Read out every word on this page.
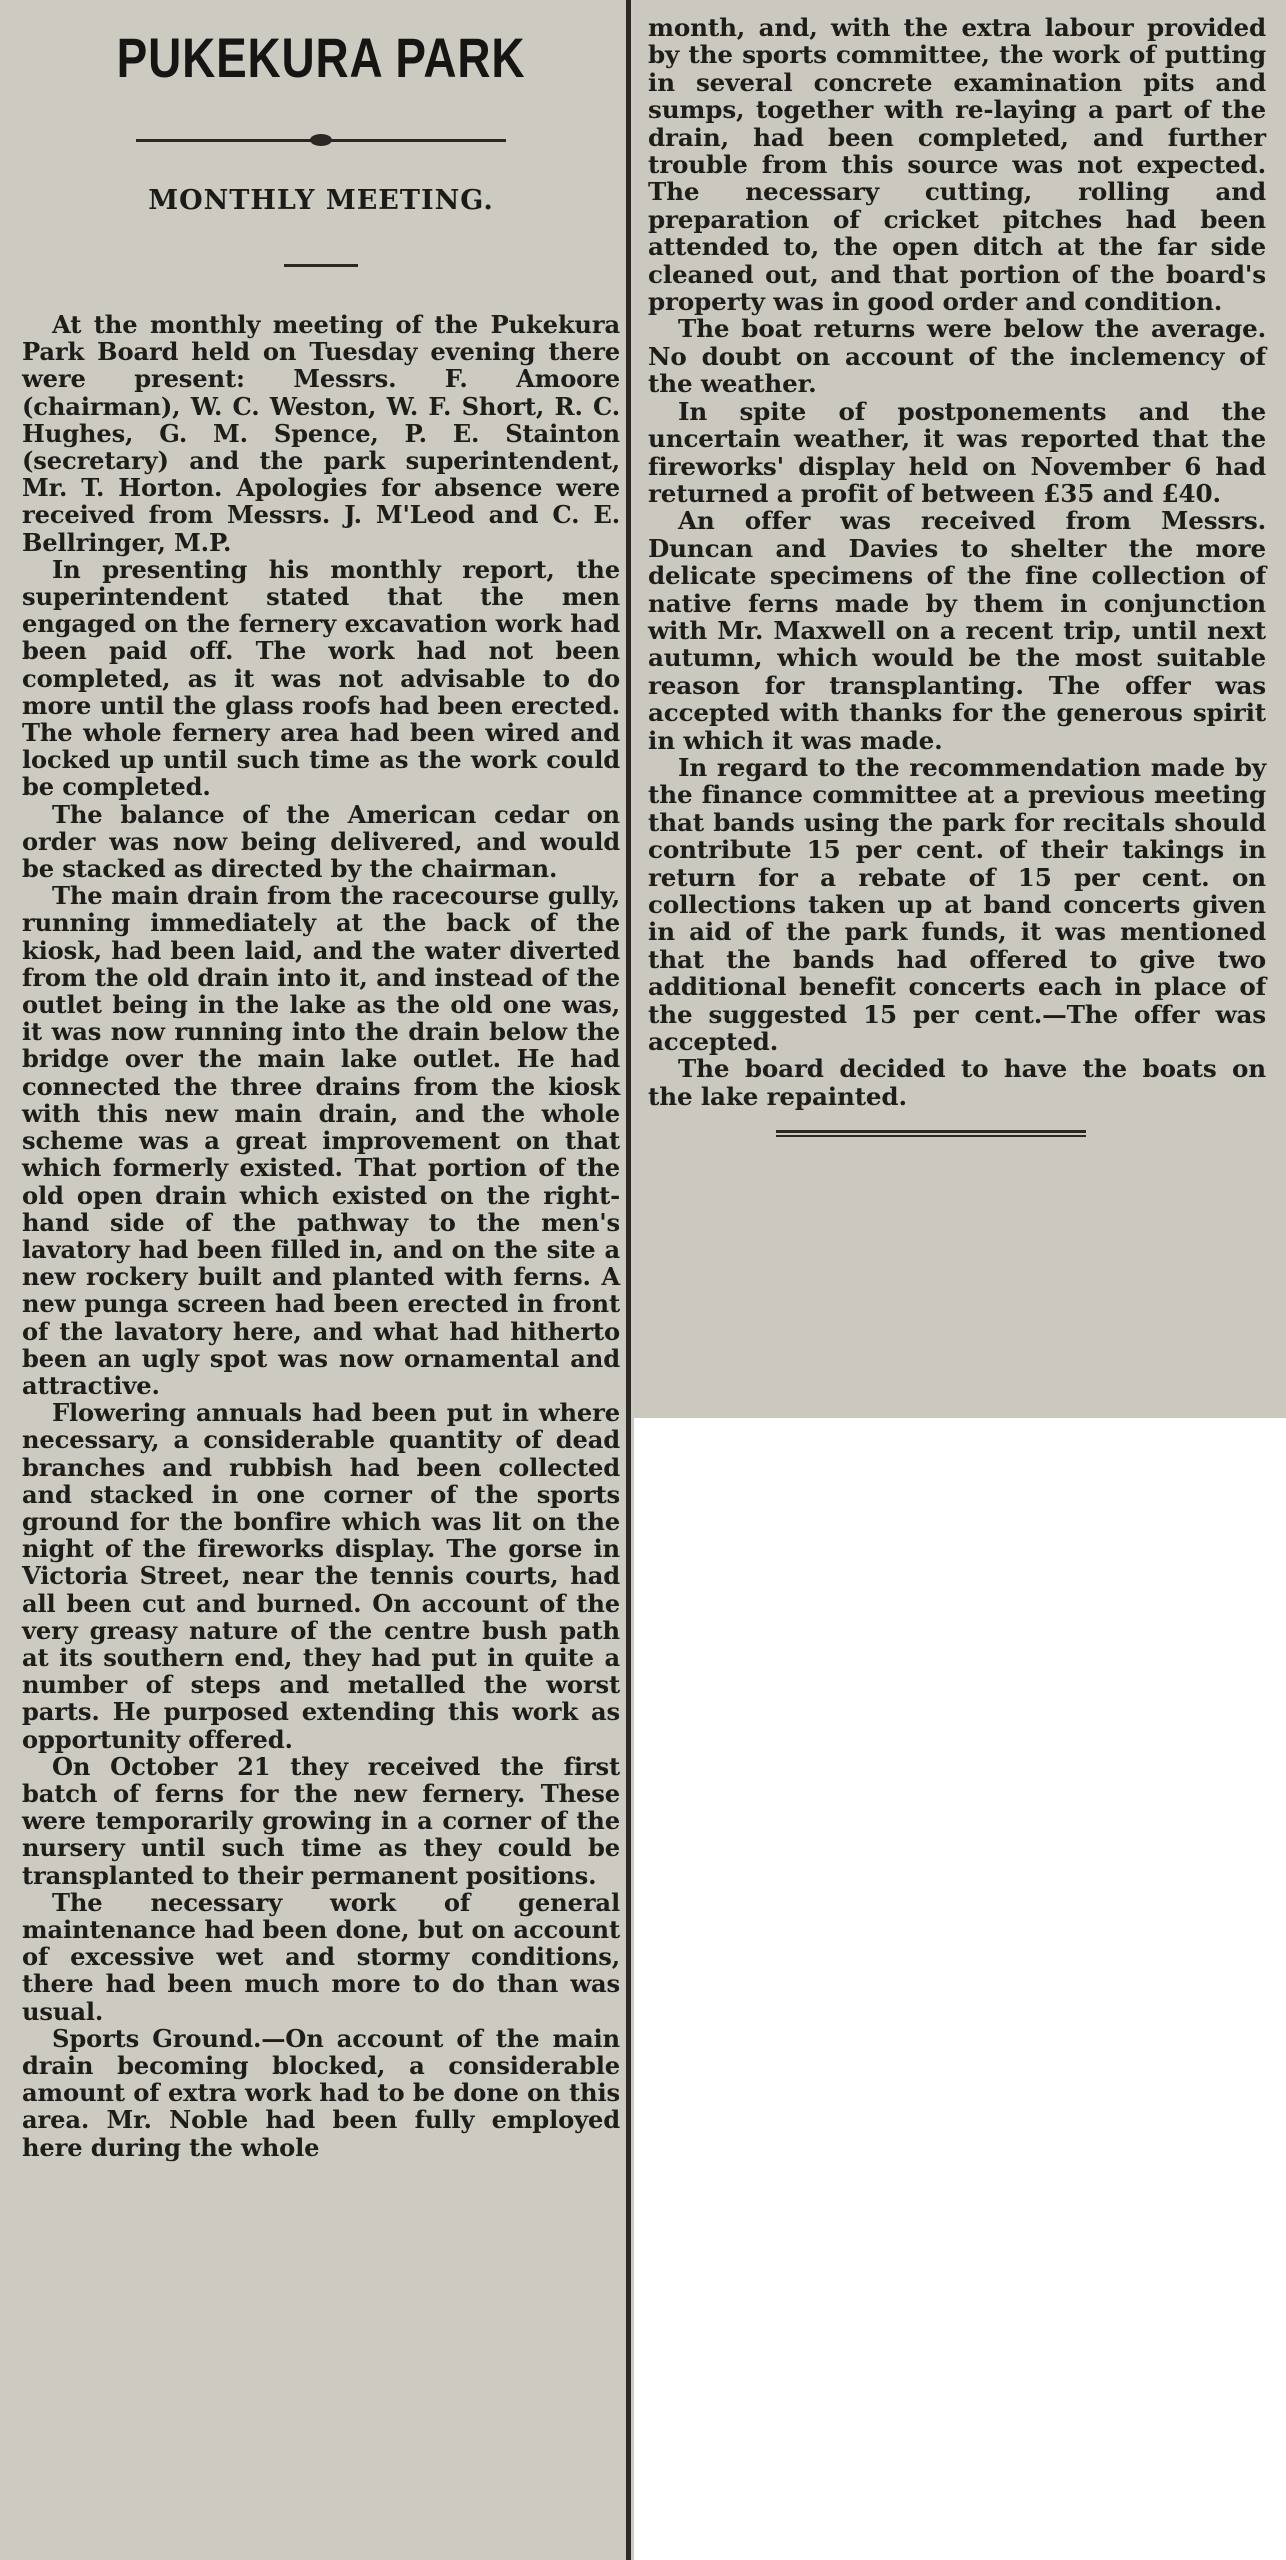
PUKEKURA PARK
MONTHLY MEETING.

At the monthly meeting of the Pukekura Park Board held on Tuesday evening there were present: Messrs. F. Amoore (chairman), W. C. Weston, W. F. Short, R. C. Hughes, G. M. Spence, P. E. Stainton (secretary) and the park superintendent, Mr. T. Horton. Apologies for absence were received from Messrs. J. M'Leod and C. E. Bellringer, M.P.

In presenting his monthly report, the superintendent stated that the men engaged on the fernery excavation work had been paid off. The work had not been completed, as it was not advisable to do more until the glass roofs had been erected. The whole fernery area had been wired and locked up until such time as the work could be completed.

The balance of the American cedar on order was now being delivered, and would be stacked as directed by the chairman.

The main drain from the racecourse gully, running immediately at the back of the kiosk, had been laid, and the water diverted from the old drain into it, and instead of the outlet being in the lake as the old one was, it was now running into the drain below the bridge over the main lake outlet. He had connected the three drains from the kiosk with this new main drain, and the whole scheme was a great improvement on that which formerly existed. That portion of the old open drain which existed on the right-hand side of the pathway to the men's lavatory had been filled in, and on the site a new rockery built and planted with ferns. A new punga screen had been erected in front of the lavatory here, and what had hitherto been an ugly spot was now ornamental and attractive.

Flowering annuals had been put in where necessary, a considerable quantity of dead branches and rubbish had been collected and stacked in one corner of the sports ground for the bonfire which was lit on the night of the fireworks display. The gorse in Victoria Street, near the tennis courts, had all been cut and burned. On account of the very greasy nature of the centre bush path at its southern end, they had put in quite a number of steps and metalled the worst parts. He purposed extending this work as opportunity offered.

On October 21 they received the first batch of ferns for the new fernery. These were temporarily growing in a corner of the nursery until such time as they could be transplanted to their permanent positions.

The necessary work of general maintenance had been done, but on account of excessive wet and stormy conditions, there had been much more to do than was usual.

Sports Ground.—On account of the main drain becoming blocked, a considerable amount of extra work had to be done on this area. Mr. Noble had been fully employed here during the whole

month, and, with the extra labour provided by the sports committee, the work of putting in several concrete examination pits and sumps, together with re-laying a part of the drain, had been completed, and further trouble from this source was not expected. The necessary cutting, rolling and preparation of cricket pitches had been attended to, the open ditch at the far side cleaned out, and that portion of the board's property was in good order and condition.

The boat returns were below the average. No doubt on account of the inclemency of the weather.

In spite of postponements and the uncertain weather, it was reported that the fireworks' display held on November 6 had returned a profit of between £35 and £40.

An offer was received from Messrs. Duncan and Davies to shelter the more delicate specimens of the fine collection of native ferns made by them in conjunction with Mr. Maxwell on a recent trip, until next autumn, which would be the most suitable reason for transplanting. The offer was accepted with thanks for the generous spirit in which it was made.

In regard to the recommendation made by the finance committee at a previous meeting that bands using the park for recitals should contribute 15 per cent. of their takings in return for a rebate of 15 per cent. on collections taken up at band concerts given in aid of the park funds, it was mentioned that the bands had offered to give two additional benefit concerts each in place of the suggested 15 per cent.—The offer was accepted.

The board decided to have the boats on the lake repainted.
